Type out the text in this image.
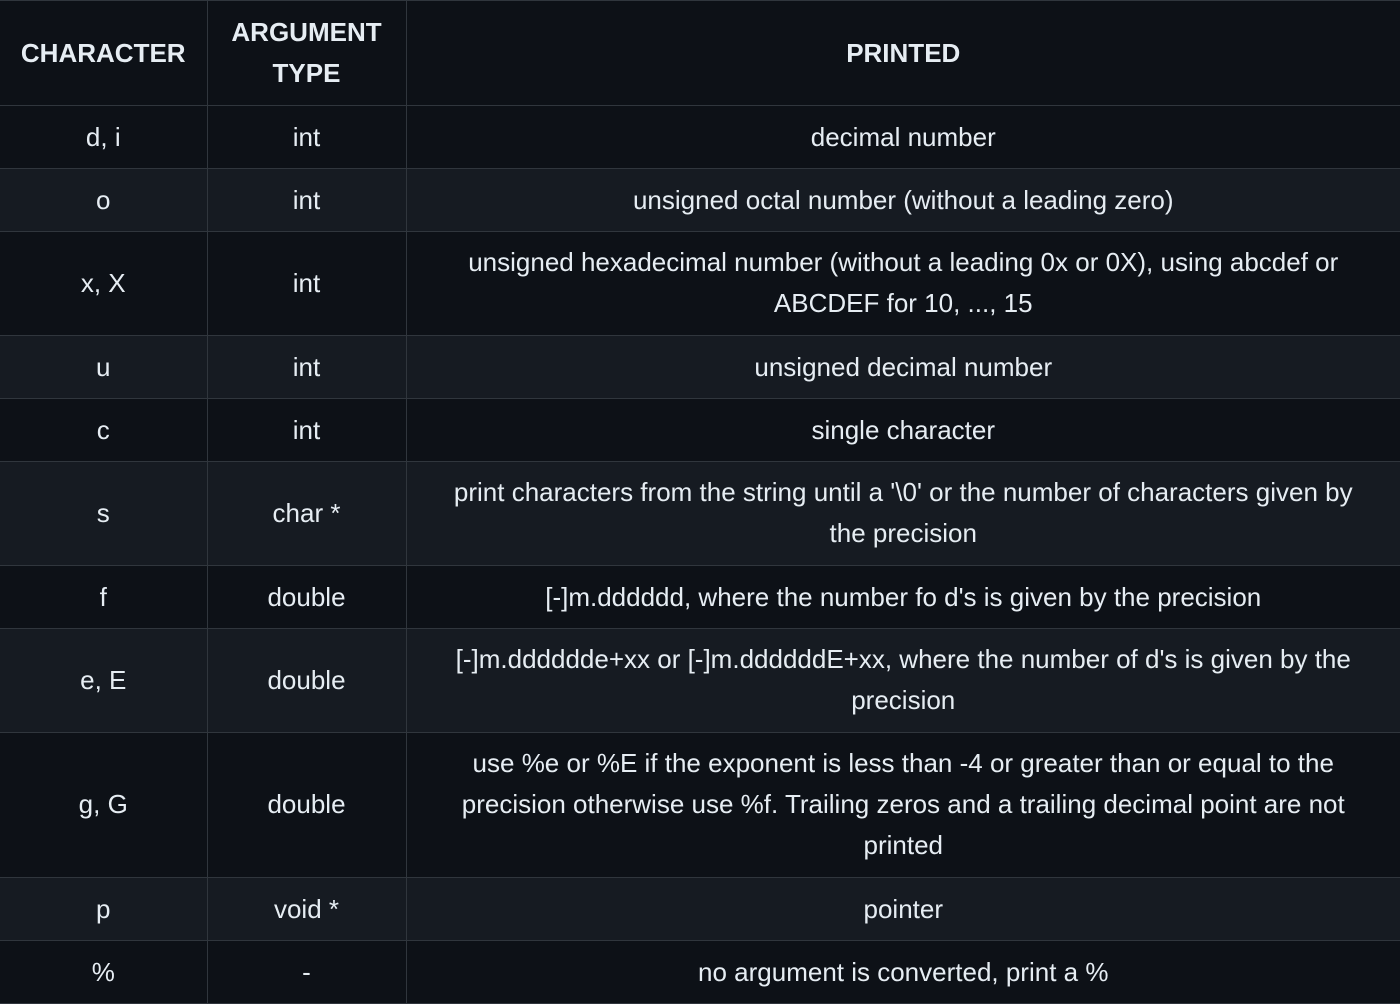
CHARACTER	ARGUMENT TYPE	PRINTED
d, i	int	decimal number
o	int	unsigned octal number (without a leading zero)
x, X	int	unsigned hexadecimal number (without a leading 0x or 0X), using abcdef or ABCDEF for 10, ..., 15
u	int	unsigned decimal number
c	int	single character
s	char *	print characters from the string until a '\0' or the number of characters given by the precision
f	double	[-]m.dddddd, where the number fo d's is given by the precision
e, E	double	[-]m.dddddde+xx or [-]m.ddddddE+xx, where the number of d's is given by the precision
g, G	double	use %e or %E if the exponent is less than -4 or greater than or equal to the precision otherwise use %f. Trailing zeros and a trailing decimal point are not printed
p	void *	pointer
%	-	no argument is converted, print a %
